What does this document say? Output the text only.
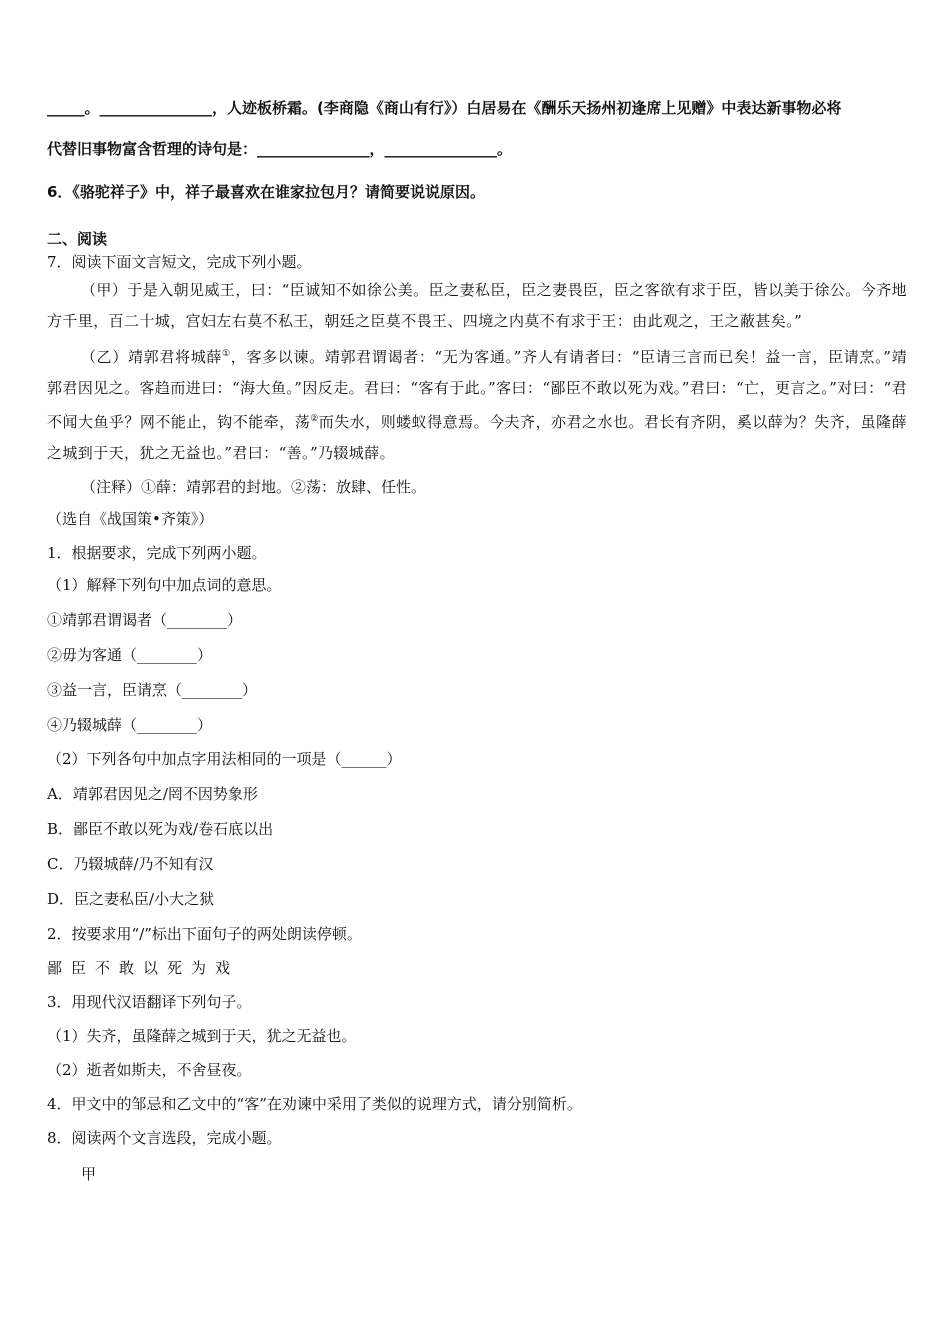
_____。_______________，人迹板桥霜。(李商隐《商山有行》）白居易在《酬乐天扬州初逢席上见赠》中表达新事物必将
代替旧事物富含哲理的诗句是：_______________，_______________。
6．《骆驼祥子》中，祥子最喜欢在谁家拉包月？请简要说说原因。
二、阅读
7．阅读下面文言短文，完成下列小题。
（甲）于是入朝见威王，曰：“臣诚知不如徐公美。臣之妻私臣，臣之妻畏臣，臣之客欲有求于臣，皆以美于徐公。今齐地方千里，百二十城，宫妇左右莫不私王，朝廷之臣莫不畏王、四境之内莫不有求于王：由此观之，王之蔽甚矣。”
（乙）靖郭君将城薛①，客多以谏。靖郭君谓谒者：“无为客通。”齐人有请者曰：“臣请三言而已矣！益一言，臣请烹。”靖郭君因见之。客趋而进曰：“海大鱼。”因反走。君曰：“客有于此。”客曰：“鄙臣不敢以死为戏。”君曰：“亡，更言之。”对曰：“君不闻大鱼乎？网不能止，钩不能牵，荡②而失水，则蝼蚁得意焉。今夫齐，亦君之水也。君长有齐阴，奚以薛为？失齐，虽隆薛之城到于天，犹之无益也。”君曰：“善。”乃辍城薛。
（注释）①薛：靖郭君的封地。②荡：放肆、任性。
（选自《战国策•齐策》）
1．根据要求，完成下列两小题。
（1）解释下列句中加点词的意思。
①靖郭君谓谒者（________）
②毋为客通（________）
③益一言，臣请烹（________）
④乃辍城薛（________）
（2）下列各句中加点字用法相同的一项是（______）
A．靖郭君因见之/罔不因势象形
B．鄙臣不敢以死为戏/卷石底以出
C．乃辍城薛/乃不知有汉
D．臣之妻私臣/小大之狱
2．按要求用“/”标出下面句子的两处朗读停顿。
鄙臣不敢以死为戏
3．用现代汉语翻译下列句子。
（1）失齐，虽隆薛之城到于天，犹之无益也。
（2）逝者如斯夫，不舍昼夜。
4．甲文中的邹忌和乙文中的“客”在劝谏中采用了类似的说理方式，请分别简析。
8．阅读两个文言选段，完成小题。
甲
